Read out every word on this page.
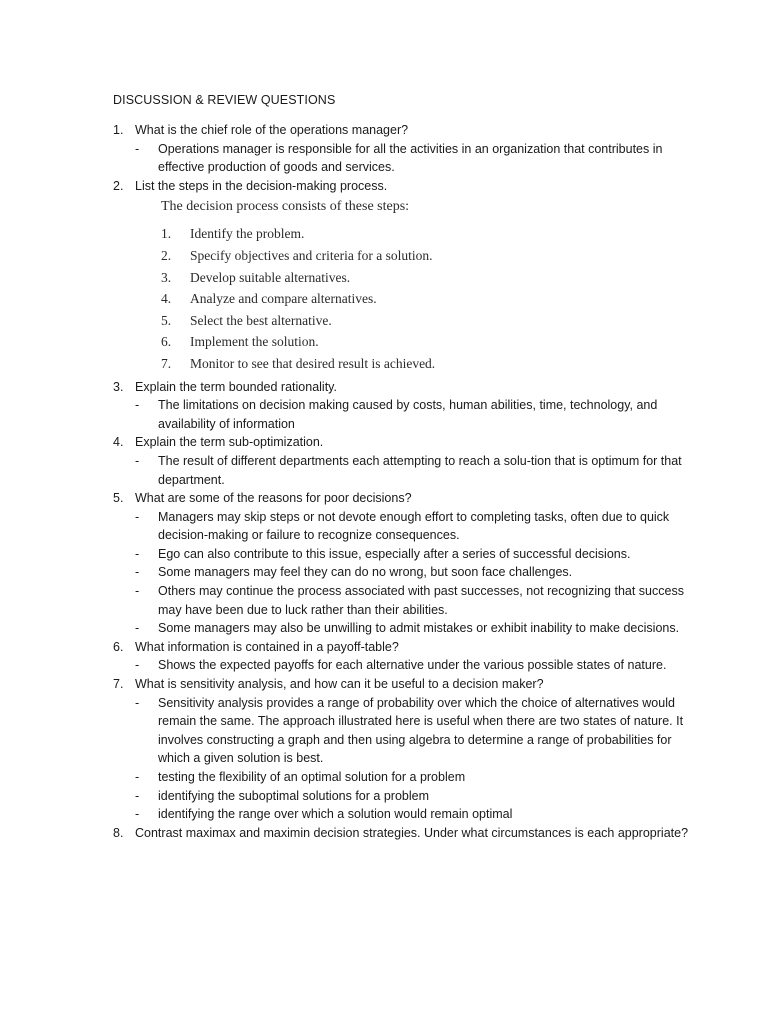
DISCUSSION & REVIEW QUESTIONS
1. What is the chief role of the operations manager?
- Operations manager is responsible for all the activities in an organization that contributes in effective production of goods and services.
2. List the steps in the decision-making process.
The decision process consists of these steps:
1. Identify the problem.
2. Specify objectives and criteria for a solution.
3. Develop suitable alternatives.
4. Analyze and compare alternatives.
5. Select the best alternative.
6. Implement the solution.
7. Monitor to see that desired result is achieved.
3. Explain the term bounded rationality.
- The limitations on decision making caused by costs, human abilities, time, technology, and availability of information
4. Explain the term sub-optimization.
- The result of different departments each attempting to reach a solu-tion that is optimum for that department.
5. What are some of the reasons for poor decisions?
- Managers may skip steps or not devote enough effort to completing tasks, often due to quick decision-making or failure to recognize consequences.
- Ego can also contribute to this issue, especially after a series of successful decisions.
- Some managers may feel they can do no wrong, but soon face challenges.
- Others may continue the process associated with past successes, not recognizing that success may have been due to luck rather than their abilities.
- Some managers may also be unwilling to admit mistakes or exhibit inability to make decisions.
6. What information is contained in a payoff-table?
- Shows the expected payoffs for each alternative under the various possible states of nature.
7. What is sensitivity analysis, and how can it be useful to a decision maker?
- Sensitivity analysis provides a range of probability over which the choice of alternatives would remain the same. The approach illustrated here is useful when there are two states of nature. It involves constructing a graph and then using algebra to determine a range of probabilities for which a given solution is best.
- testing the flexibility of an optimal solution for a problem
- identifying the suboptimal solutions for a problem
- identifying the range over which a solution would remain optimal
8. Contrast maximax and maximin decision strategies. Under what circumstances is each appropriate?
